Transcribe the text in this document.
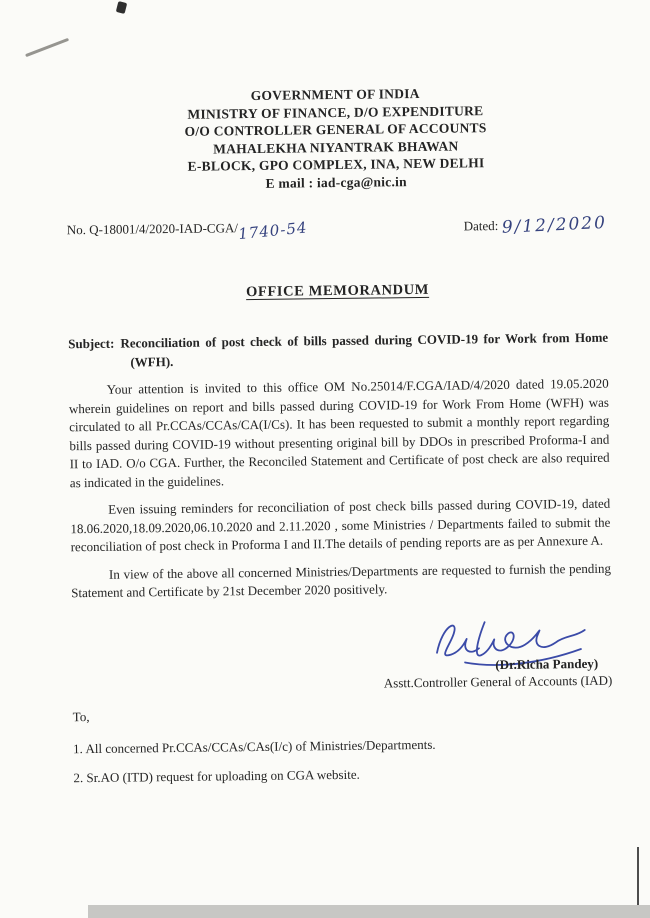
GOVERNMENT OF INDIA
MINISTRY OF FINANCE, D/O EXPENDITURE
O/O CONTROLLER GENERAL OF ACCOUNTS
MAHALEKHA NIYANTRAK BHAWAN
E-BLOCK, GPO COMPLEX, INA, NEW DELHI
E mail : iad-cga@nic.in
No. Q-18001/4/2020-IAD-CGA/1740-54	Dated: 9/12/2020
OFFICE MEMORANDUM
Subject: Reconciliation of post check of bills passed during COVID-19 for Work from Home (WFH).

Your attention is invited to this office OM No.25014/F.CGA/IAD/4/2020 dated 19.05.2020 wherein guidelines on report and bills passed during COVID-19 for Work From Home (WFH) was circulated to all Pr.CCAs/CCAs/CA(I/Cs). It has been requested to submit a monthly report regarding bills passed during COVID-19 without presenting original bill by DDOs in prescribed Proforma-I and II to IAD. O/o CGA. Further, the Reconciled Statement and Certificate of post check are also required as indicated in the guidelines.

Even issuing reminders for reconciliation of post check bills passed during COVID-19, dated 18.06.2020,18.09.2020,06.10.2020 and 2.11.2020 , some Ministries / Departments failed to submit the reconciliation of post check in Proforma I and II.The details of pending reports are as per Annexure A.

In view of the above all concerned Ministries/Departments are requested to furnish the pending Statement and Certificate by 21st December 2020 positively.

(Dr.Richa Pandey)
Asstt.Controller General of Accounts (IAD)
To,
1. All concerned Pr.CCAs/CCAs/CAs(I/c) of Ministries/Departments.
2. Sr.AO (ITD) request for uploading on CGA website.
